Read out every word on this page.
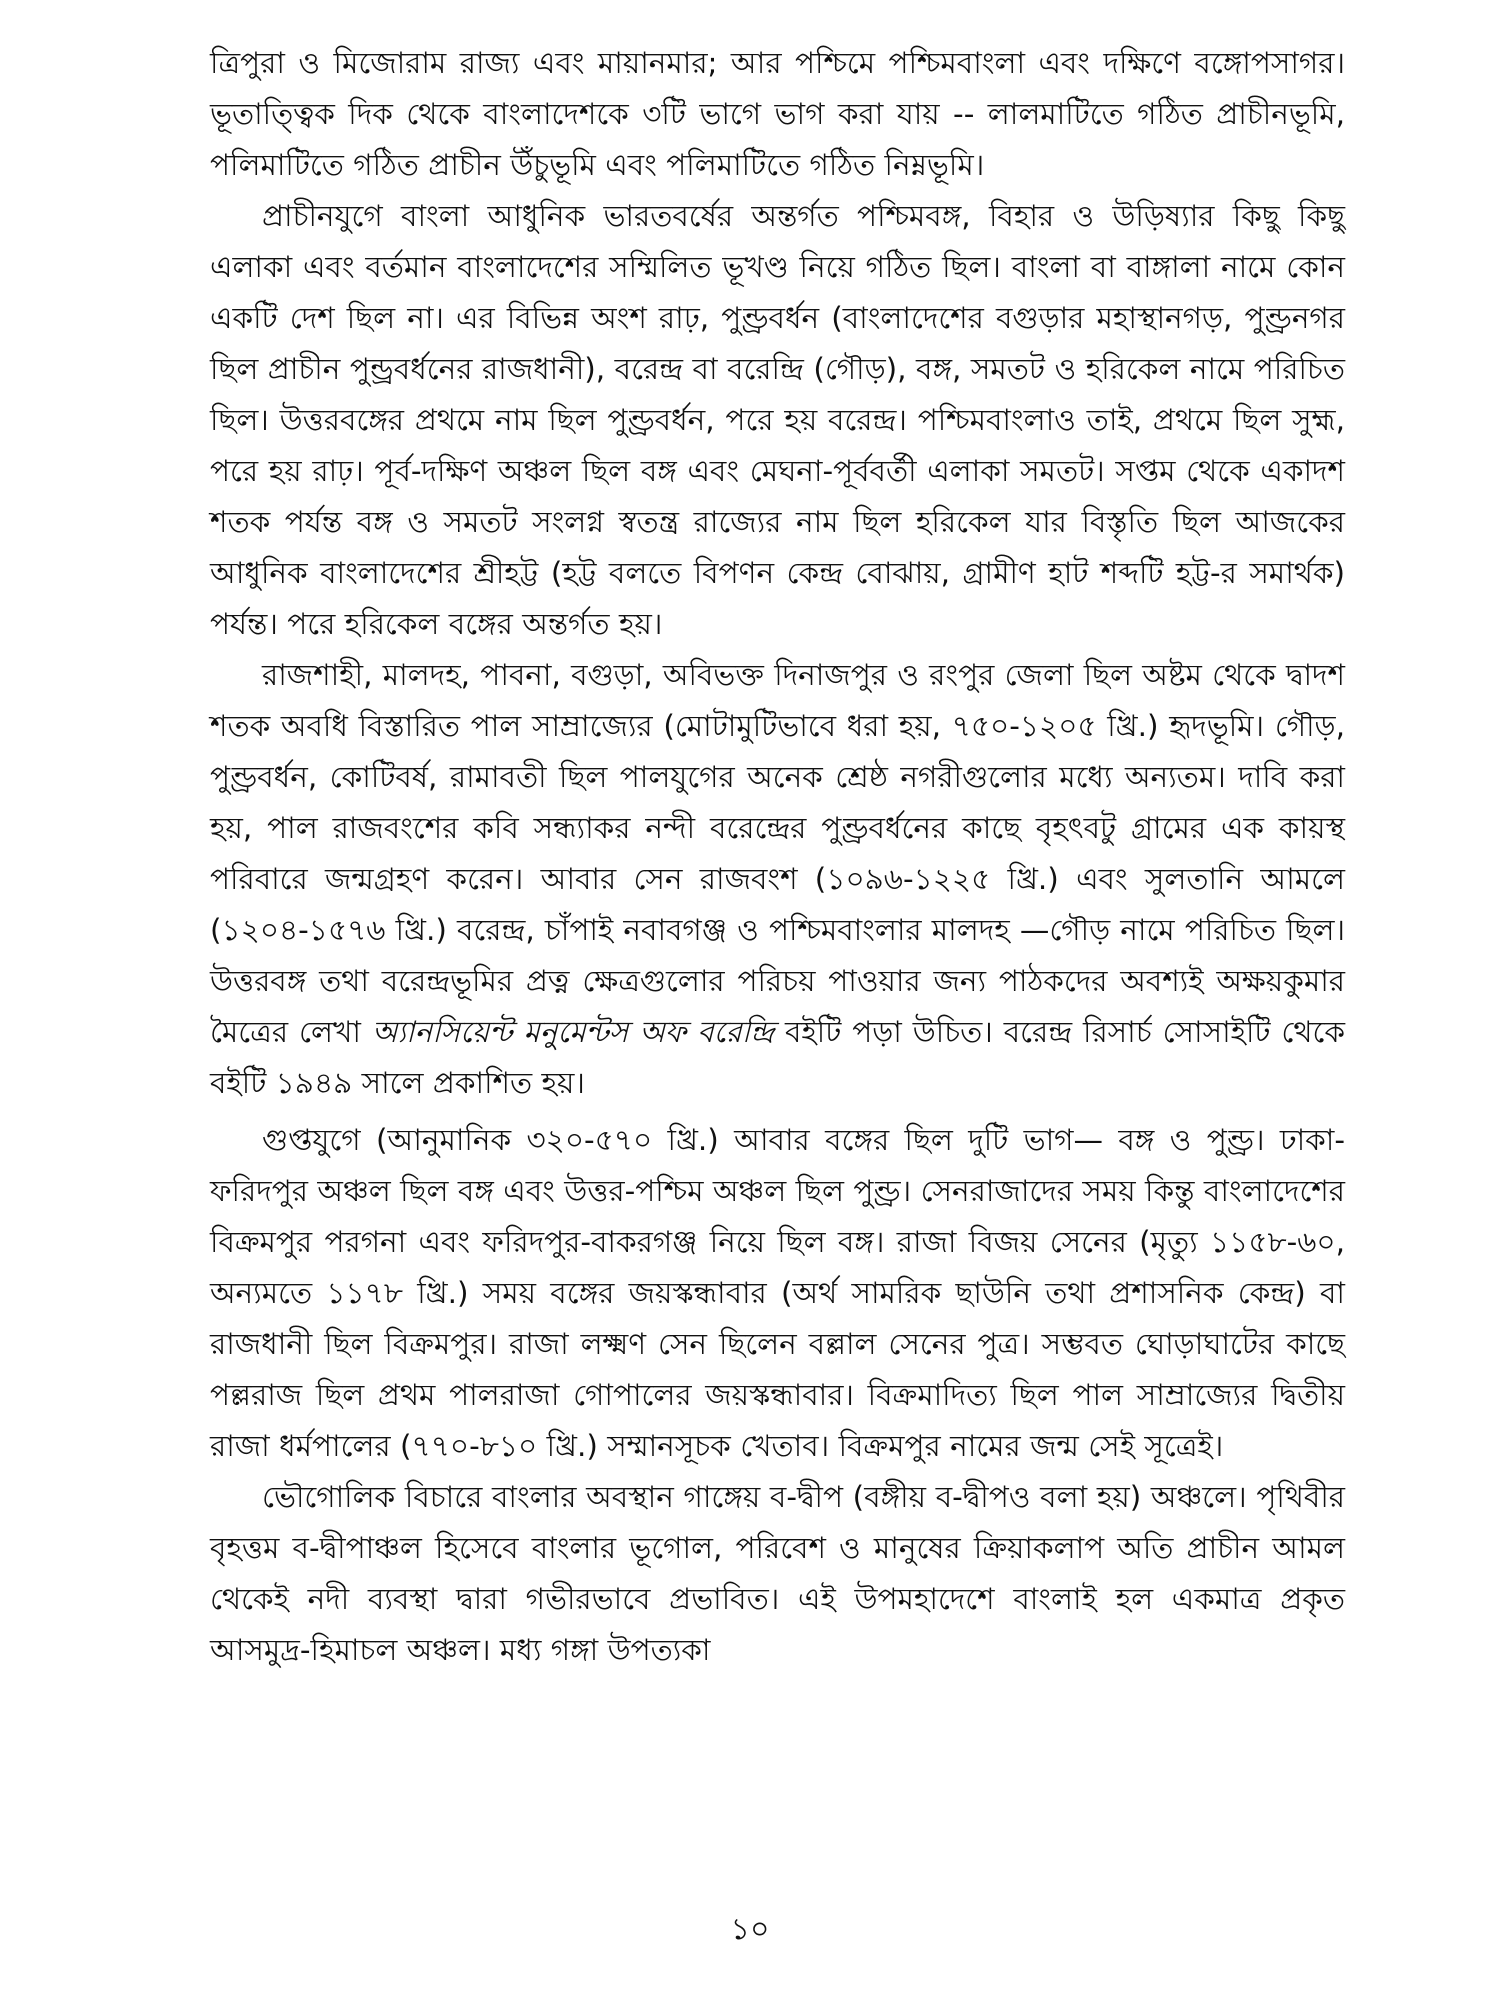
ত্রিপুরা ও মিজোরাম রাজ্য এবং মায়ানমার; আর পশ্চিমে পশ্চিমবাংলা এবং দক্ষিণে বঙ্গোপসাগর। ভূতাত্ত্বিক দিক থেকে বাংলাদেশকে ৩টি ভাগে ভাগ করা যায় -- লালমাটিতে গঠিত প্রাচীনভূমি, পলিমাটিতে গঠিত প্রাচীন উঁচুভূমি এবং পলিমাটিতে গঠিত নিম্নভূমি।

প্রাচীনযুগে বাংলা আধুনিক ভারতবর্ষের অন্তর্গত পশ্চিমবঙ্গ, বিহার ও উড়িষ্যার কিছু কিছু এলাকা এবং বর্তমান বাংলাদেশের সম্মিলিত ভূখণ্ড নিয়ে গঠিত ছিল। বাংলা বা বাঙ্গালা নামে কোন একটি দেশ ছিল না। এর বিভিন্ন অংশ রাঢ়, পুণ্ড্রবর্ধন (বাংলাদেশের বগুড়ার মহাস্থানগড়, পুণ্ড্রনগর ছিল প্রাচীন পুন্ড্রবর্ধনের রাজধানী), বরেন্দ্র বা বরেন্দ্রি (গৌড়), বঙ্গ, সমতট ও হরিকেল নামে পরিচিত ছিল। উত্তরবঙ্গের প্রথমে নাম ছিল পুণ্ড্রবর্ধন, পরে হয় বরেন্দ্র। পশ্চিমবাংলাও তাই, প্রথমে ছিল সুহ্ম, পরে হয় রাঢ়। পূর্ব-দক্ষিণ অঞ্চল ছিল বঙ্গ এবং মেঘনা-পূর্ববর্তী এলাকা সমতট। সপ্তম থেকে একাদশ শতক পর্যন্ত বঙ্গ ও সমতট সংলগ্ন স্বতন্ত্র রাজ্যের নাম ছিল হরিকেল যার বিস্তৃতি ছিল আজকের আধুনিক বাংলাদেশের শ্রীহট্ট (হট্ট বলতে বিপণন কেন্দ্র বোঝায়, গ্রামীণ হাট শব্দটি হট্ট-র সমার্থক) পর্যন্ত। পরে হরিকেল বঙ্গের অন্তর্গত হয়।

রাজশাহী, মালদহ, পাবনা, বগুড়া, অবিভক্ত দিনাজপুর ও রংপুর জেলা ছিল অষ্টম থেকে দ্বাদশ শতক অবধি বিস্তারিত পাল সাম্রাজ্যের (মোটামুটিভাবে ধরা হয়, ৭৫০-১২০৫ খ্রি.) হৃদভূমি। গৌড়, পুণ্ড্রবর্ধন, কোটিবর্ষ, রামাবতী ছিল পালযুগের অনেক শ্রেষ্ঠ নগরীগুলোর মধ্যে অন্যতম। দাবি করা হয়, পাল রাজবংশের কবি সন্ধ্যাকর নন্দী বরেন্দ্রের পুণ্ড্রবর্ধনের কাছে বৃহৎবটু গ্রামের এক কায়স্থ পরিবারে জন্মগ্রহণ করেন। আবার সেন রাজবংশ (১০৯৬-১২২৫ খ্রি.) এবং সুলতানি আমলে (১২০৪-১৫৭৬ খ্রি.) বরেন্দ্র, চাঁপাই নবাবগঞ্জ ও পশ্চিমবাংলার মালদহ —গৌড় নামে পরিচিত ছিল। উত্তরবঙ্গ তথা বরেন্দ্রভূমির প্রত্ন ক্ষেত্রগুলোর পরিচয় পাওয়ার জন্য পাঠকদের অবশ্যই অক্ষয়কুমার মৈত্রের লেখা অ্যানসিয়েন্ট মনুমেন্টস অফ বরেন্দ্রি বইটি পড়া উচিত। বরেন্দ্র রিসার্চ সোসাইটি থেকে বইটি ১৯৪৯ সালে প্রকাশিত হয়।

গুপ্তযুগে (আনুমানিক ৩২০-৫৭০ খ্রি.) আবার বঙ্গের ছিল দুটি ভাগ— বঙ্গ ও পুণ্ড্র। ঢাকা-ফরিদপুর অঞ্চল ছিল বঙ্গ এবং উত্তর-পশ্চিম অঞ্চল ছিল পুণ্ড্র। সেনরাজাদের সময় কিন্তু বাংলাদেশের বিক্রমপুর পরগনা এবং ফরিদপুর-বাকরগঞ্জ নিয়ে ছিল বঙ্গ। রাজা বিজয় সেনের (মৃত্যু ১১৫৮-৬০, অন্যমতে ১১৭৮ খ্রি.) সময় বঙ্গের জয়স্কন্ধাবার (অর্থ সামরিক ছাউনি তথা প্রশাসনিক কেন্দ্র) বা রাজধানী ছিল বিক্রমপুর। রাজা লক্ষ্মণ সেন ছিলেন বল্লাল সেনের পুত্র। সম্ভবত ঘোড়াঘাটের কাছে পল্লরাজ ছিল প্রথম পালরাজা গোপালের জয়স্কন্ধাবার। বিক্রমাদিত্য ছিল পাল সাম্রাজ্যের দ্বিতীয় রাজা ধর্মপালের (৭৭০-৮১০ খ্রি.) সম্মানসূচক খেতাব। বিক্রমপুর নামের জন্ম সেই সূত্রেই।

ভৌগোলিক বিচারে বাংলার অবস্থান গাঙ্গেয় ব-দ্বীপ (বঙ্গীয় ব-দ্বীপও বলা হয়) অঞ্চলে। পৃথিবীর বৃহত্তম ব-দ্বীপাঞ্চল হিসেবে বাংলার ভূগোল, পরিবেশ ও মানুষের ক্রিয়াকলাপ অতি প্রাচীন আমল থেকেই নদী ব্যবস্থা দ্বারা গভীরভাবে প্রভাবিত। এই উপমহাদেশে বাংলাই হল একমাত্র প্রকৃত আসমুদ্র-হিমাচল অঞ্চল। মধ্য গঙ্গা উপত্যকা

১০
